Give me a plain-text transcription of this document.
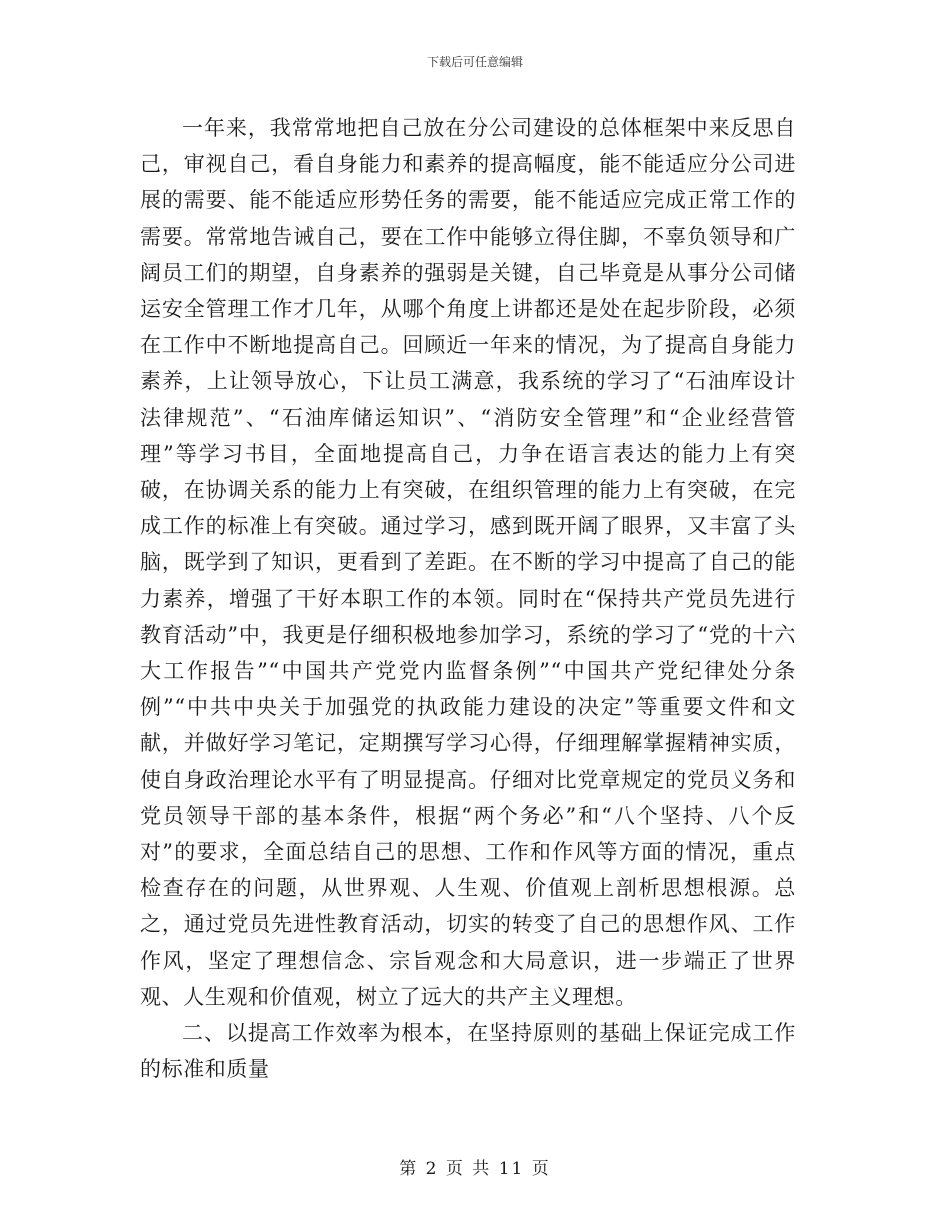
下载后可任意编辑

一年来，我常常地把自己放在分公司建设的总体框架中来反思自己，审视自己，看自身能力和素养的提高幅度，能不能适应分公司进展的需要、能不能适应形势任务的需要，能不能适应完成正常工作的需要。常常地告诫自己，要在工作中能够立得住脚，不辜负领导和广阔员工们的期望，自身素养的强弱是关键，自己毕竟是从事分公司储运安全管理工作才几年，从哪个角度上讲都还是处在起步阶段，必须在工作中不断地提高自己。回顾近一年来的情况，为了提高自身能力素养，上让领导放心，下让员工满意，我系统的学习了“石油库设计法律规范”、“石油库储运知识”、“消防安全管理”和“企业经营管理”等学习书目，全面地提高自己，力争在语言表达的能力上有突破，在协调关系的能力上有突破，在组织管理的能力上有突破，在完成工作的标准上有突破。通过学习，感到既开阔了眼界，又丰富了头脑，既学到了知识，更看到了差距。在不断的学习中提高了自己的能力素养，增强了干好本职工作的本领。同时在“保持共产党员先进行教育活动”中，我更是仔细积极地参加学习，系统的学习了“党的十六大工作报告”“中国共产党党内监督条例”“中国共产党纪律处分条例”“中共中央关于加强党的执政能力建设的决定”等重要文件和文献，并做好学习笔记，定期撰写学习心得，仔细理解掌握精神实质，使自身政治理论水平有了明显提高。仔细对比党章规定的党员义务和党员领导干部的基本条件，根据“两个务必”和“八个坚持、八个反对”的要求，全面总结自己的思想、工作和作风等方面的情况，重点检查存在的问题，从世界观、人生观、价值观上剖析思想根源。总之，通过党员先进性教育活动，切实的转变了自己的思想作风、工作作风，坚定了理想信念、宗旨观念和大局意识，进一步端正了世界观、人生观和价值观，树立了远大的共产主义理想。

二、以提高工作效率为根本，在坚持原则的基础上保证完成工作的标准和质量

第 2 页 共 11 页
